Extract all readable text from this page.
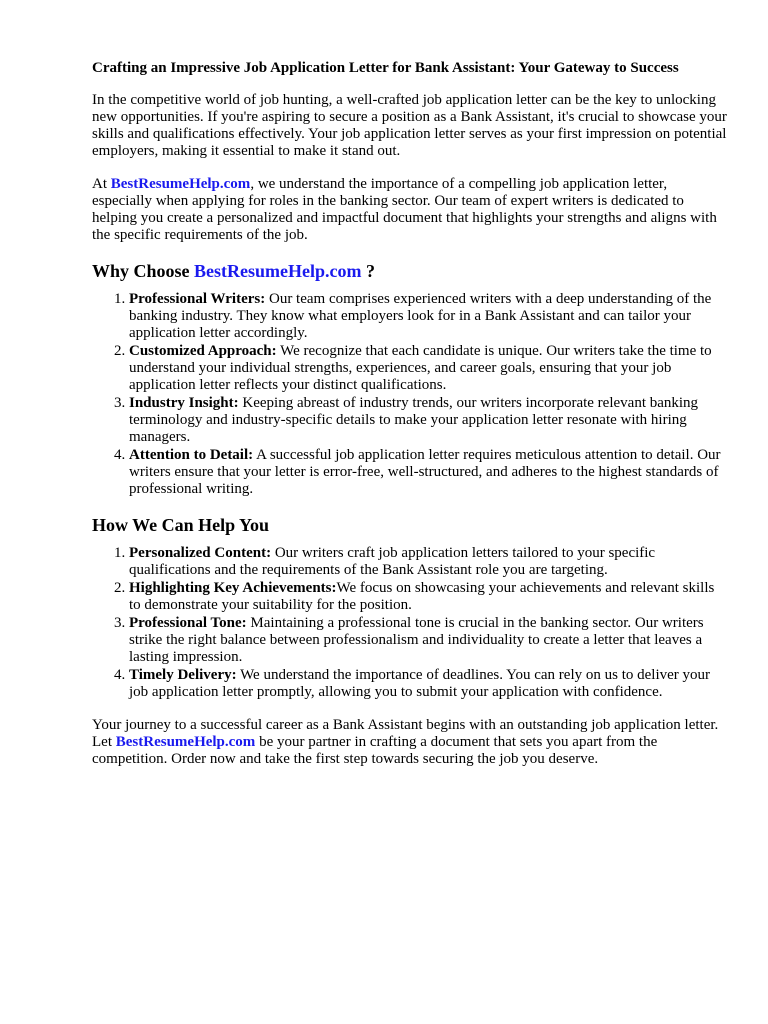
Crafting an Impressive Job Application Letter for Bank Assistant: Your Gateway to Success

In the competitive world of job hunting, a well-crafted job application letter can be the key to unlocking new opportunities. If you're aspiring to secure a position as a Bank Assistant, it's crucial to showcase your skills and qualifications effectively. Your job application letter serves as your first impression on potential employers, making it essential to make it stand out.

At BestResumeHelp.com, we understand the importance of a compelling job application letter, especially when applying for roles in the banking sector. Our team of expert writers is dedicated to helping you create a personalized and impactful document that highlights your strengths and aligns with the specific requirements of the job.

Why Choose BestResumeHelp.com ?
1. Professional Writers: Our team comprises experienced writers with a deep understanding of the banking industry. They know what employers look for in a Bank Assistant and can tailor your application letter accordingly.
2. Customized Approach: We recognize that each candidate is unique. Our writers take the time to understand your individual strengths, experiences, and career goals, ensuring that your job application letter reflects your distinct qualifications.
3. Industry Insight: Keeping abreast of industry trends, our writers incorporate relevant banking terminology and industry-specific details to make your application letter resonate with hiring managers.
4. Attention to Detail: A successful job application letter requires meticulous attention to detail. Our writers ensure that your letter is error-free, well-structured, and adheres to the highest standards of professional writing.
How We Can Help You
1. Personalized Content: Our writers craft job application letters tailored to your specific qualifications and the requirements of the Bank Assistant role you are targeting.
2. Highlighting Key Achievements:We focus on showcasing your achievements and relevant skills to demonstrate your suitability for the position.
3. Professional Tone: Maintaining a professional tone is crucial in the banking sector. Our writers strike the right balance between professionalism and individuality to create a letter that leaves a lasting impression.
4. Timely Delivery: We understand the importance of deadlines. You can rely on us to deliver your job application letter promptly, allowing you to submit your application with confidence.

Your journey to a successful career as a Bank Assistant begins with an outstanding job application letter. Let BestResumeHelp.com be your partner in crafting a document that sets you apart from the competition. Order now and take the first step towards securing the job you deserve.
